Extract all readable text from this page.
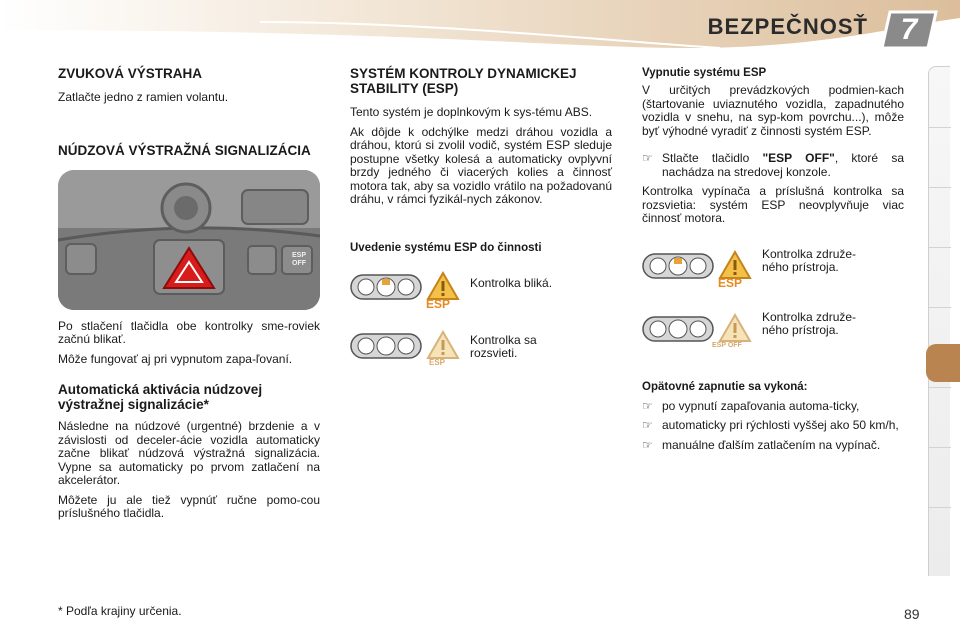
BEZPEČNOSŤ	7
ZVUKOVÁ VÝSTRAHA

Zatlačte jedno z ramien volantu.

NÚDZOVÁ VÝSTRAŽNÁ SIGNALIZÁCIA
ESP OFF

Po stlačení tlačidla obe kontrolky sme-roviek začnú blikať.

Môže fungovať aj pri vypnutom zapa-ľovaní.

Automatická aktivácia núdzovej výstražnej signalizácie*

Následne na núdzové (urgentné) brzdenie a v závislosti od deceler-ácie vozidla automaticky začne blikať núdzová výstražná signalizácia. Vypne sa automaticky po prvom zatlačení na akcelerátor.

Môžete ju ale tiež vypnúť ručne pomo-cou príslušného tlačidla.

SYSTÉM KONTROLY DYNAMICKEJ STABILITY (ESP)

Tento systém je doplnkovým k sys-tému ABS.

Ak dôjde k odchýlke medzi dráhou vozidla a dráhou, ktorú si zvolil vodič, systém ESP sleduje postupne všetky kolesá a automaticky ovplyvní brzdy jedného či viacerých kolies a činnosť motora tak, aby sa vozidlo vrátilo na požadovanú dráhu, v rámci fyzikál-nych zákonov.

Uvedenie systému ESP do činnosti
ESP
Kontrolka bliká.
ESP
Kontrolka sa rozsvieti.
Vypnutie systému ESP

V určitých prevádzkových podmien-kach (štartovanie uviaznutého vozidla, zapadnutého vozidla v snehu, na syp-kom povrchu...), môže byť výhodné vyradiť z činnosti systém ESP.

☞ Stlačte tlačidlo "ESP OFF", ktoré sa nachádza na stredovej konzole.

Kontrolka vypínača a príslušná kontrolka sa rozsvietia: systém ESP neovplyvňuje viac činnosť motora.

ESP
Kontrolka združe-ného prístroja.
ESP OFF
Kontrolka združe-ného prístroja.
Opätovné zapnutie sa vykoná:
☞ po vypnutí zapaľovania automa-ticky,
☞ automaticky pri rýchlosti vyššej ako 50 km/h,
☞ manuálne ďalším zatlačením na vypínač.
* Podľa krajiny určenia.	89
